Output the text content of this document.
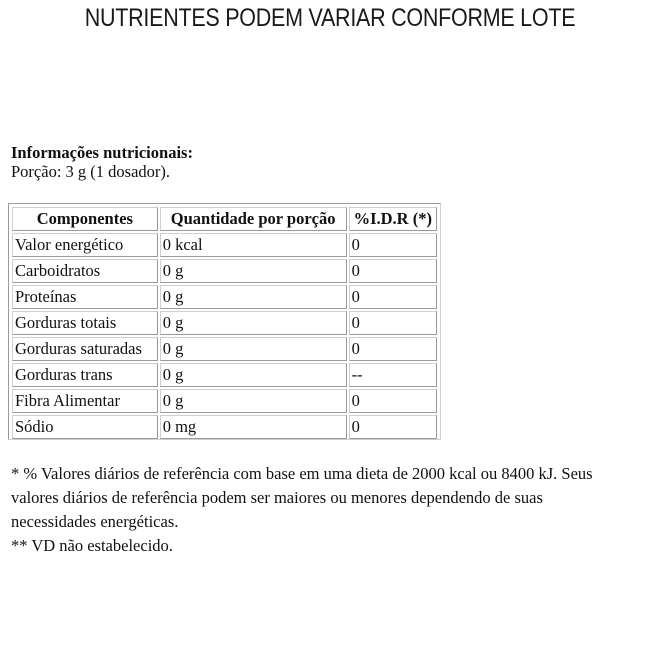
NUTRIENTES PODEM VARIAR CONFORME LOTE
Informações nutricionais:
Porção: 3 g (1 dosador).
Componentes	Quantidade por porção	%I.D.R (*)
Valor energético	0 kcal	0
Carboidratos	0 g	0
Proteínas	0 g	0
Gorduras totais	0 g	0
Gorduras saturadas	0 g	0
Gorduras trans	0 g	--
Fibra Alimentar	0 g	0
Sódio	0 mg	0

* % Valores diários de referência com base em uma dieta de 2000 kcal ou 8400 kJ. Seus

valores diários de referência podem ser maiores ou menores dependendo de suas

necessidades energéticas.

** VD não estabelecido.
